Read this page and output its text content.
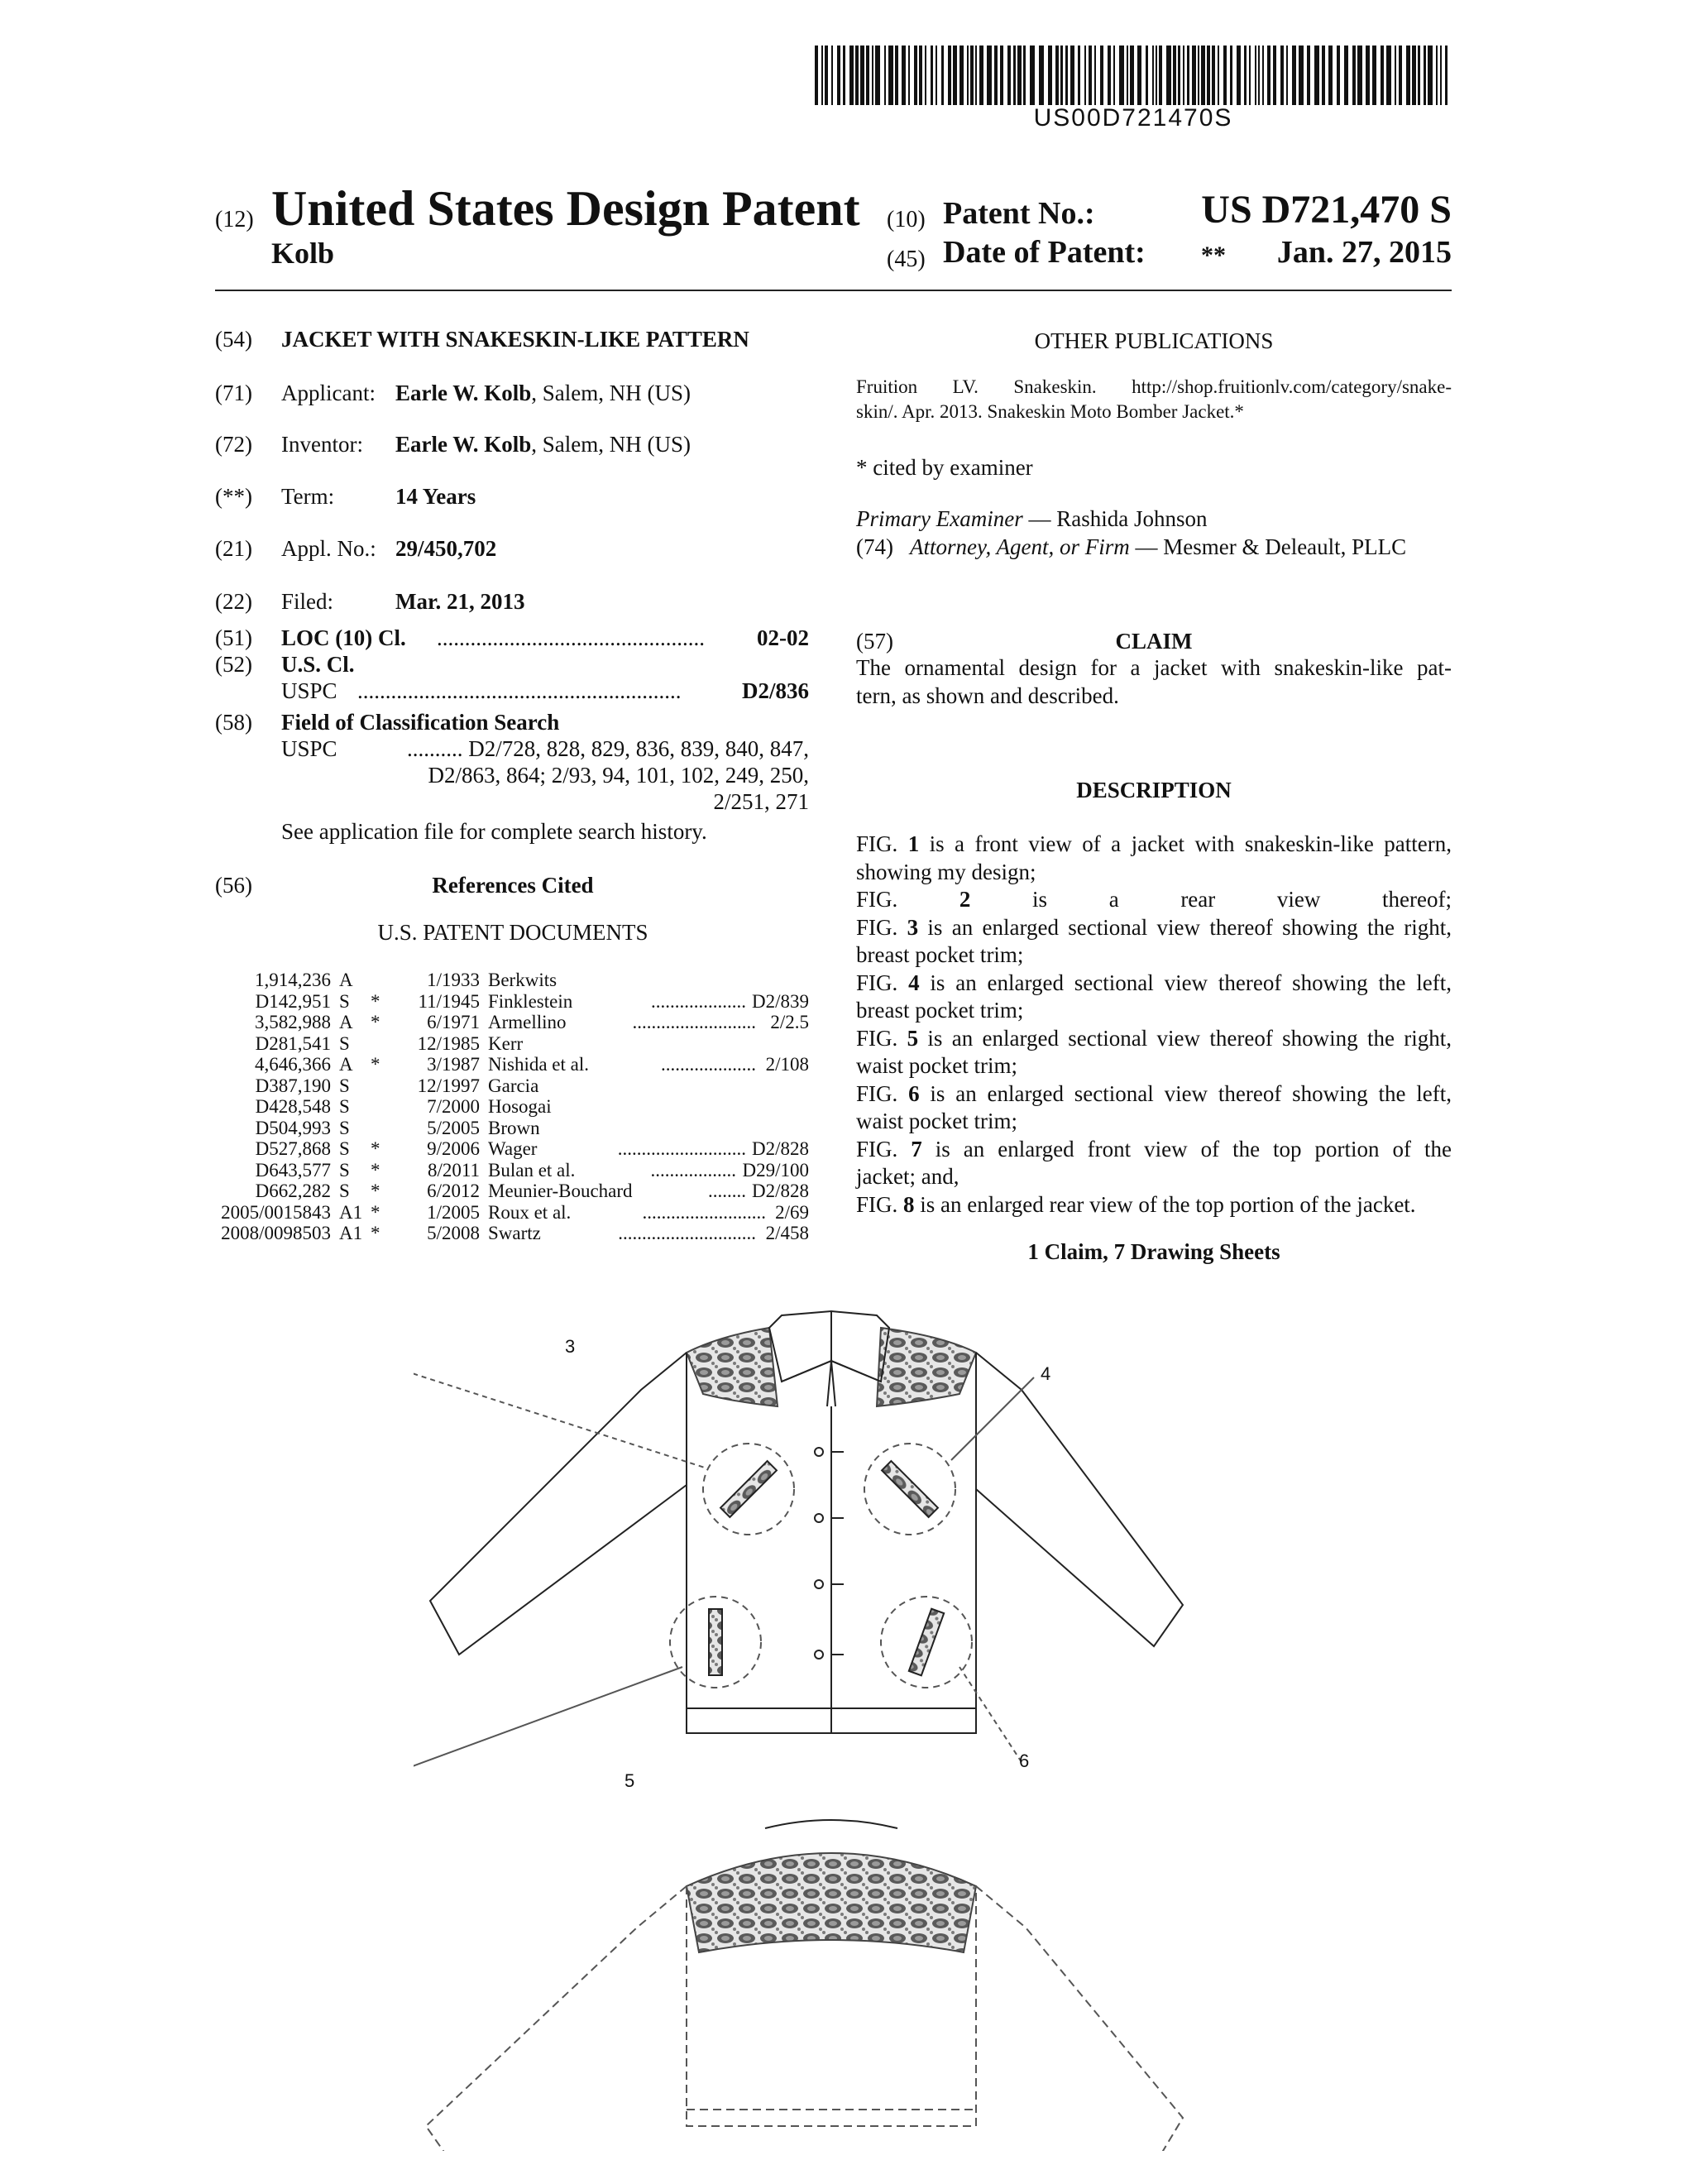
US00D721470S
(12) United States Design Patent
Kolb
(10) Patent No.:	US D721,470 S
(45) Date of Patent: **	Jan. 27, 2015
(54) JACKET WITH SNAKESKIN-LIKE PATTERN
(71) Applicant: Earle W. Kolb, Salem, NH (US)
(72) Inventor: Earle W. Kolb, Salem, NH (US)
(**) Term:	14 Years
(21) Appl. No.: 29/450,702
(22) Filed:	Mar. 21, 2013
(51) LOC (10) Cl. ................................................	02-02
(52) U.S. Cl.
USPC ..........................................................	D2/836
(58) Field of Classification Search
USPC	.......... D2/728, 828, 829, 836, 839, 840, 847,
D2/863, 864; 2/93, 94, 101, 102, 249, 250,
2/251, 271
See application file for complete search history.
(56)	References Cited
U.S. PATENT DOCUMENTS
1,914,236 A	1/1933 Berkwits
D142,951 S * 11/1945 Finklestein	.................... D2/839
3,582,988 A * 6/1971 Armellino	.......................... 2/2.5
D281,541 S	12/1985 Kerr
4,646,366 A * 3/1987 Nishida et al.	.................... 2/108
D387,190 S	12/1997 Garcia
D428,548 S	7/2000 Hosogai
D504,993 S	5/2005 Brown
D527,868 S * 9/2006 Wager	........................... D2/828
D643,577 S * 8/2011 Bulan et al.	.................. D29/100
D662,282 S * 6/2012 Meunier-Bouchard	........ D2/828
2005/0015843 A1 * 1/2005 Roux et al.	.......................... 2/69
2008/0098503 A1 * 5/2008 Swartz	............................. 2/458
OTHER PUBLICATIONS
Fruition LV. Snakeskin. http://shop.fruitionlv.com/category/snake-
skin/. Apr. 2013. Snakeskin Moto Bomber Jacket.*
* cited by examiner
Primary Examiner — Rashida Johnson
(74) Attorney, Agent, or Firm — Mesmer & Deleault, PLLC
(57)	CLAIM
The ornamental design for a jacket with snakeskin-like pat-
tern, as shown and described.
DESCRIPTION
FIG. 1 is a front view of a jacket with snakeskin-like pattern,
showing my design;
FIG. 2 is a rear view thereof;
FIG. 3 is an enlarged sectional view thereof showing the right,
breast pocket trim;
FIG. 4 is an enlarged sectional view thereof showing the left,
breast pocket trim;
FIG. 5 is an enlarged sectional view thereof showing the right,
waist pocket trim;
FIG. 6 is an enlarged sectional view thereof showing the left,
waist pocket trim;
FIG. 7 is an enlarged front view of the top portion of the
jacket; and,
FIG. 8 is an enlarged rear view of the top portion of the jacket.
1 Claim, 7 Drawing Sheets
3
4
5
6
